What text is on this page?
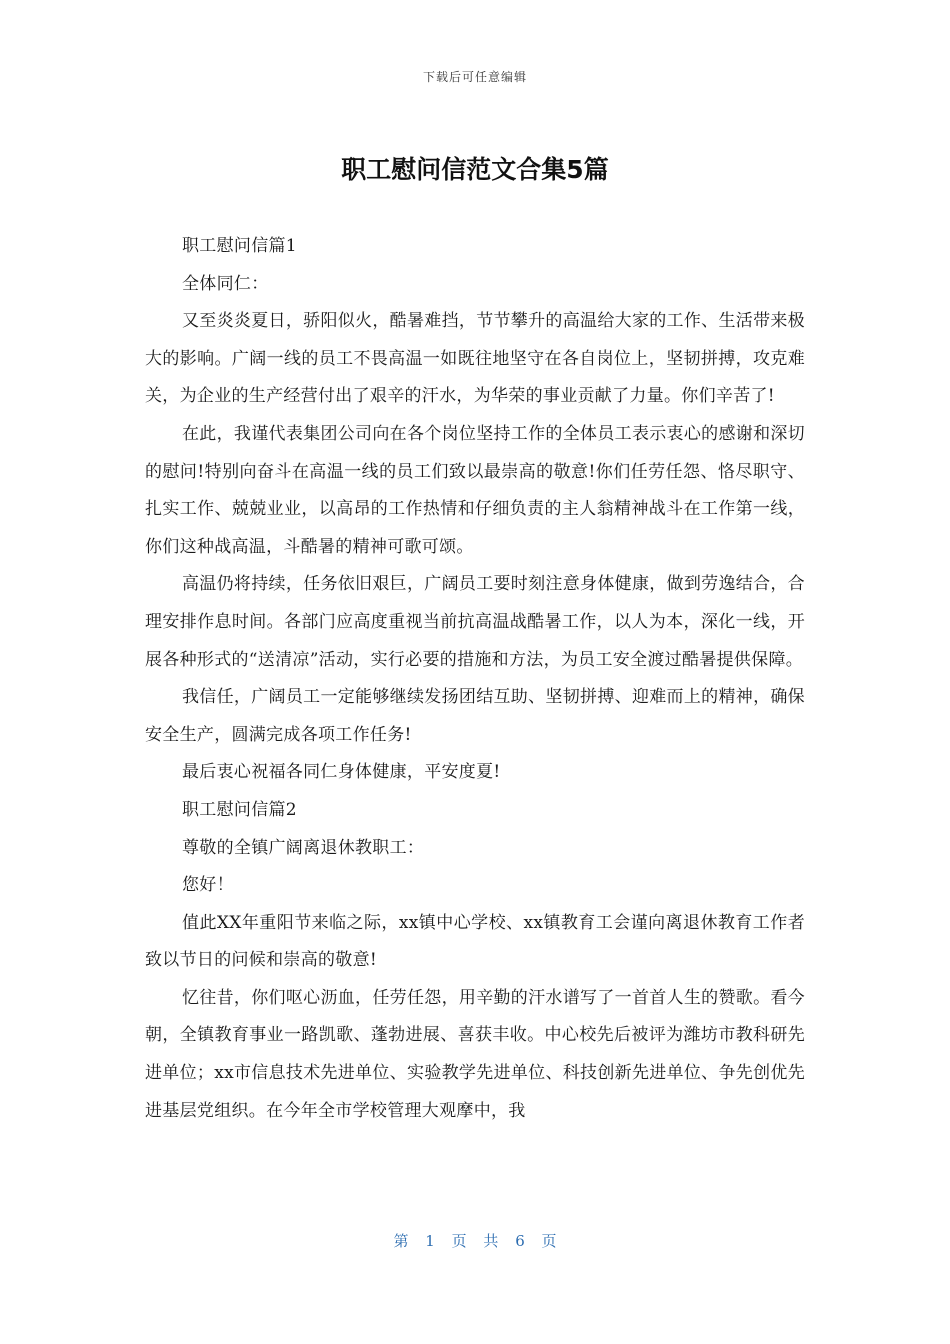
下载后可任意编辑
职工慰问信范文合集5篇

职工慰问信篇1

全体同仁：

又至炎炎夏日，骄阳似火，酷暑难挡，节节攀升的高温给大家的工作、生活带来极大的影响。广阔一线的员工不畏高温一如既往地坚守在各自岗位上，坚韧拼搏，攻克难关，为企业的生产经营付出了艰辛的汗水，为华荣的事业贡献了力量。你们辛苦了!

在此，我谨代表集团公司向在各个岗位坚持工作的全体员工表示衷心的感谢和深切的慰问!特别向奋斗在高温一线的员工们致以最崇高的敬意!你们任劳任怨、恪尽职守、扎实工作、兢兢业业，以高昂的工作热情和仔细负责的主人翁精神战斗在工作第一线，你们这种战高温，斗酷暑的精神可歌可颂。

高温仍将持续，任务依旧艰巨，广阔员工要时刻注意身体健康，做到劳逸结合，合理安排作息时间。各部门应高度重视当前抗高温战酷暑工作，以人为本，深化一线，开展各种形式的“送清凉”活动，实行必要的措施和方法，为员工安全渡过酷暑提供保障。

我信任，广阔员工一定能够继续发扬团结互助、坚韧拼搏、迎难而上的精神，确保安全生产，圆满完成各项工作任务!

最后衷心祝福各同仁身体健康，平安度夏!

职工慰问信篇2

尊敬的全镇广阔离退休教职工：

您好！

值此XX年重阳节来临之际，xx镇中心学校、xx镇教育工会谨向离退休教育工作者致以节日的问候和崇高的敬意!

忆往昔，你们呕心沥血，任劳任怨，用辛勤的汗水谱写了一首首人生的赞歌。看今朝，全镇教育事业一路凯歌、蓬勃进展、喜获丰收。中心校先后被评为潍坊市教科研先进单位；xx市信息技术先进单位、实验教学先进单位、科技创新先进单位、争先创优先进基层党组织。在今年全市学校管理大观摩中，我

第 1 页 共 6 页
